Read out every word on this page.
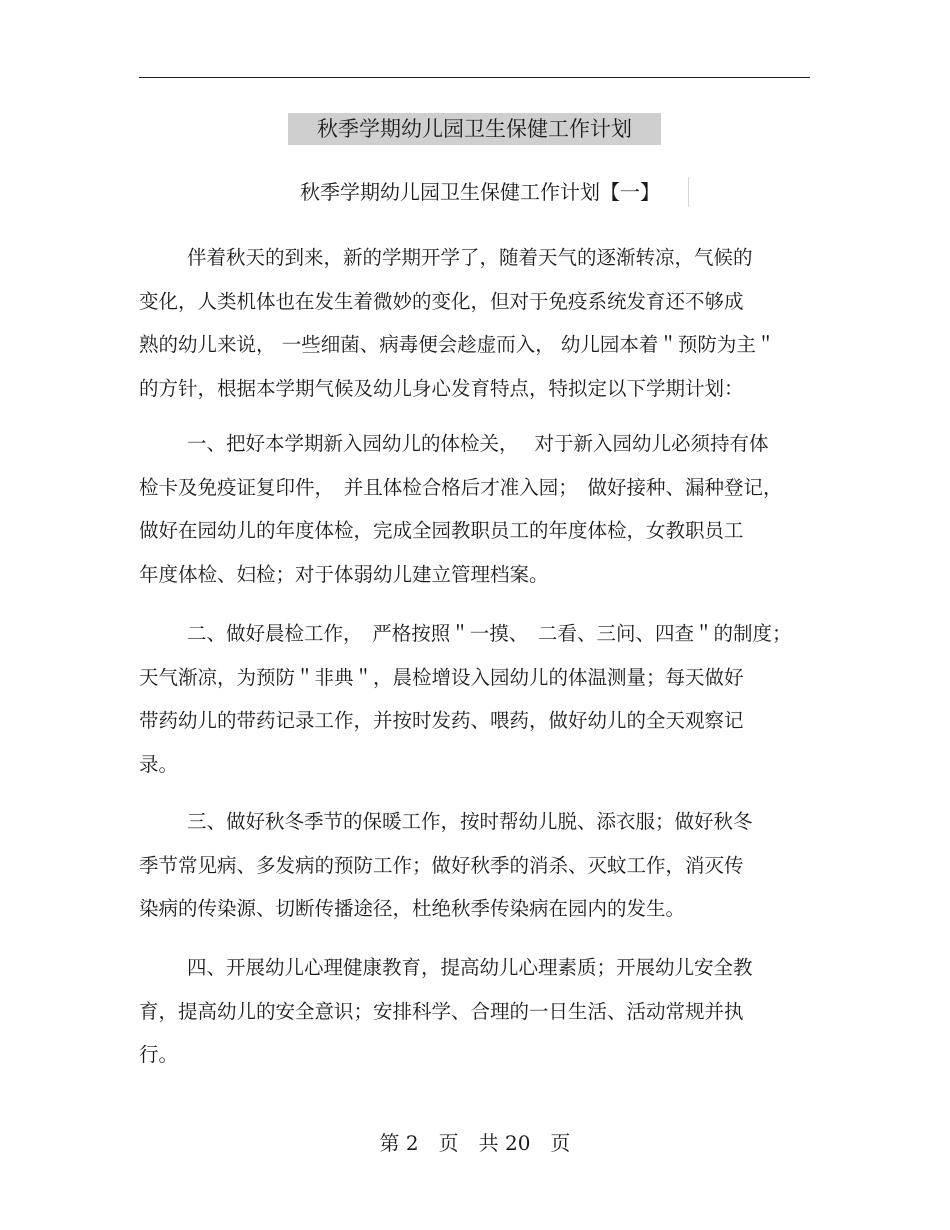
秋季学期幼儿园卫生保健工作计划
秋季学期幼儿园卫生保健工作计划【一】
伴着秋天的到来，新的学期开学了，随着天气的逐渐转凉，气候的
变化，人类机体也在发生着微妙的变化，但对于免疫系统发育还不够成
熟的幼儿来说， 一些细菌、病毒便会趁虚而入， 幼儿园本着＂预防为主＂
的方针，根据本学期气候及幼儿身心发育特点，特拟定以下学期计划：
一、把好本学期新入园幼儿的体检关，　 对于新入园幼儿必须持有体
检卡及免疫证复印件，　并且体检合格后才准入园；　做好接种、漏种登记，
做好在园幼儿的年度体检，完成全园教职员工的年度体检，女教职员工
年度体检、妇检；对于体弱幼儿建立管理档案。
二、做好晨检工作，　严格按照＂一摸、　二看、三问、四查＂的制度；
天气渐凉，为预防＂非典＂，晨检增设入园幼儿的体温测量；每天做好
带药幼儿的带药记录工作，并按时发药、喂药，做好幼儿的全天观察记
录。
三、做好秋冬季节的保暖工作，按时帮幼儿脱、添衣服；做好秋冬
季节常见病、多发病的预防工作；做好秋季的消杀、灭蚊工作，消灭传
染病的传染源、切断传播途径，杜绝秋季传染病在园内的发生。
四、开展幼儿心理健康教育，提高幼儿心理素质；开展幼儿安全教
育，提高幼儿的安全意识；安排科学、合理的一日生活、活动常规并执
行。
第 2　页　共 20　页
